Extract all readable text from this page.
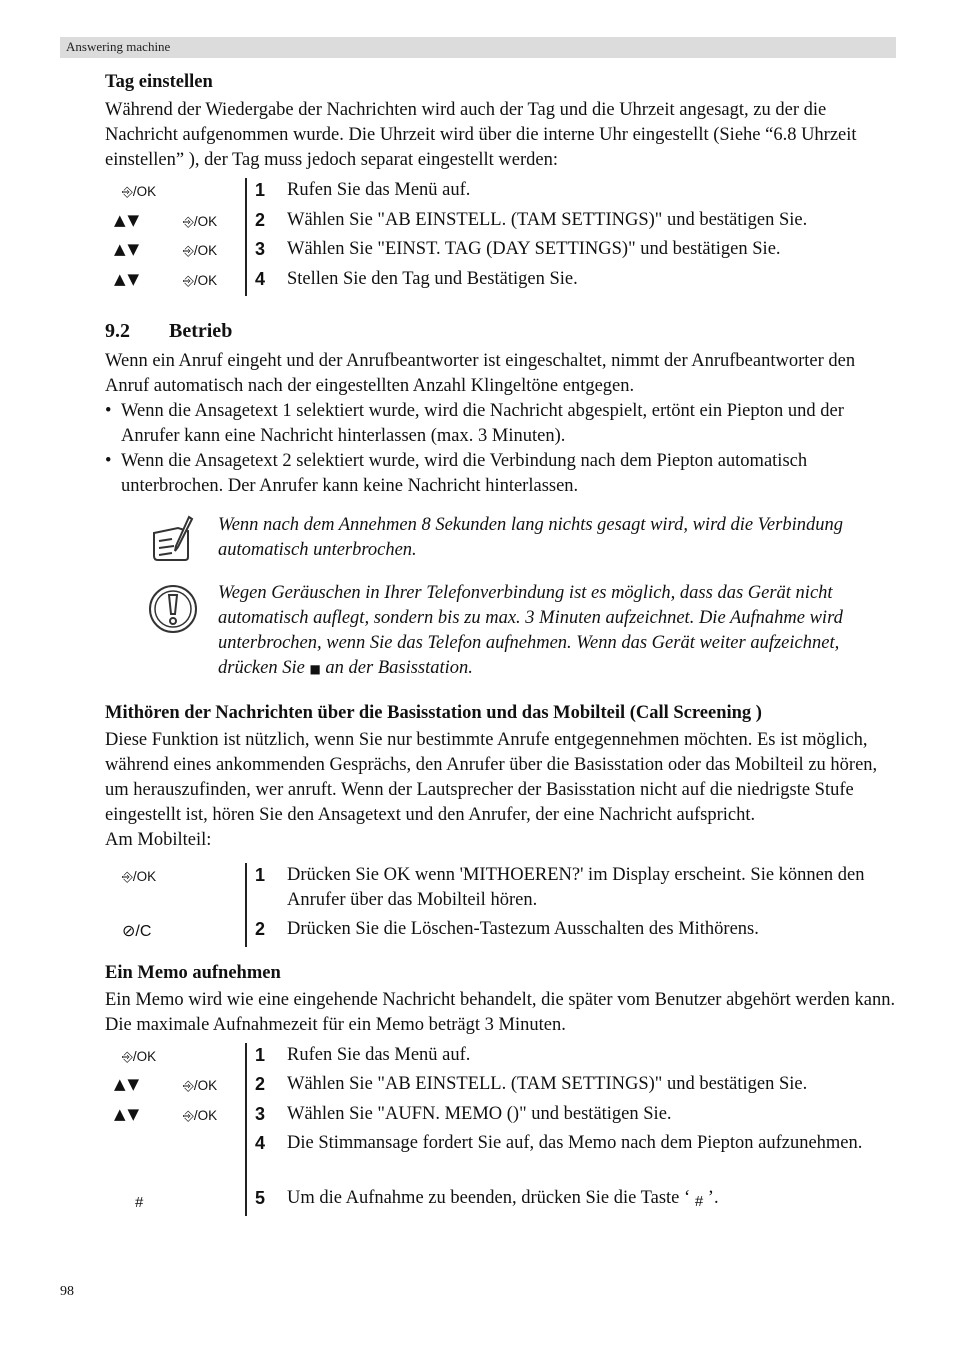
Answering machine

Tag einstellen

Während der Wiedergabe der Nachrichten wird auch der Tag und die Uhrzeit angesagt, zu der die Nachricht aufgenommen wurde. Die Uhrzeit wird über die interne Uhr eingestellt (Siehe “6.8 Uhrzeit einstellen” ), der Tag muss jedoch separat eingestellt werden:

⎆/OK	1	Rufen Sie das Menü auf.
▲▼	⎆/OK	2	Wählen Sie "AB EINSTELL. (TAM SETTINGS)" und bestätigen Sie.
▲▼	⎆/OK	3	Wählen Sie "EINST. TAG (DAY SETTINGS)" und bestätigen Sie.
▲▼	⎆/OK	4	Stellen Sie den Tag und Bestätigen Sie.
9.2 Betrieb

Wenn ein Anruf eingeht und der Anrufbeantworter ist eingeschaltet, nimmt der Anrufbeantworter den Anruf automatisch nach der eingestellten Anzahl Klingeltöne entgegen.

• Wenn die Ansagetext 1 selektiert wurde, wird die Nachricht abgespielt, ertönt ein Piepton und der Anrufer kann eine Nachricht hinterlassen (max. 3 Minuten).
• Wenn die Ansagetext 2 selektiert wurde, wird die Verbindung nach dem Piepton automatisch unterbrochen. Der Anrufer kann keine Nachricht hinterlassen.
Wenn nach dem Annehmen 8 Sekunden lang nichts gesagt wird, wird die Verbindung automatisch unterbrochen.
Wegen Geräuschen in Ihrer Telefonverbindung ist es möglich, dass das Gerät nicht automatisch auflegt, sondern bis zu max. 3 Minuten aufzeichnet. Die Aufnahme wird unterbrochen, wenn Sie das Telefon aufnehmen. Wenn das Gerät weiter aufzeichnet, drücken Sie ■ an der Basisstation.

Mithören der Nachrichten über die Basisstation und das Mobilteil (Call Screening )

Diese Funktion ist nützlich, wenn Sie nur bestimmte Anrufe entgegennehmen möchten. Es ist möglich, während eines ankommenden Gesprächs, den Anrufer über die Basisstation oder das Mobilteil zu hören, um herauszufinden, wer anruft. Wenn der Lautsprecher der Basisstation nicht auf die niedrigste Stufe eingestellt ist, hören Sie den Ansagetext und den Anrufer, der eine Nachricht aufspricht.

Am Mobilteil:

⎆/OK	1	Drücken Sie OK wenn 'MITHOEREN?' im Display erscheint. Sie können den Anrufer über das Mobilteil hören.
⊘/C	2	Drücken Sie die Löschen-Tastezum Ausschalten des Mithörens.

Ein Memo aufnehmen

Ein Memo wird wie eine eingehende Nachricht behandelt, die später vom Benutzer abgehört werden kann. Die maximale Aufnahmezeit für ein Memo beträgt 3 Minuten.

⎆/OK	1	Rufen Sie das Menü auf.
▲▼	⎆/OK	2	Wählen Sie "AB EINSTELL. (TAM SETTINGS)" und bestätigen Sie.
▲▼	⎆/OK	3	Wählen Sie "AUFN. MEMO ()" und bestätigen Sie.
4	Die Stimmansage fordert Sie auf, das Memo nach dem Piepton aufzunehmen.
#	5	Um die Aufnahme zu beenden, drücken Sie die Taste ‘ # ’.
98
